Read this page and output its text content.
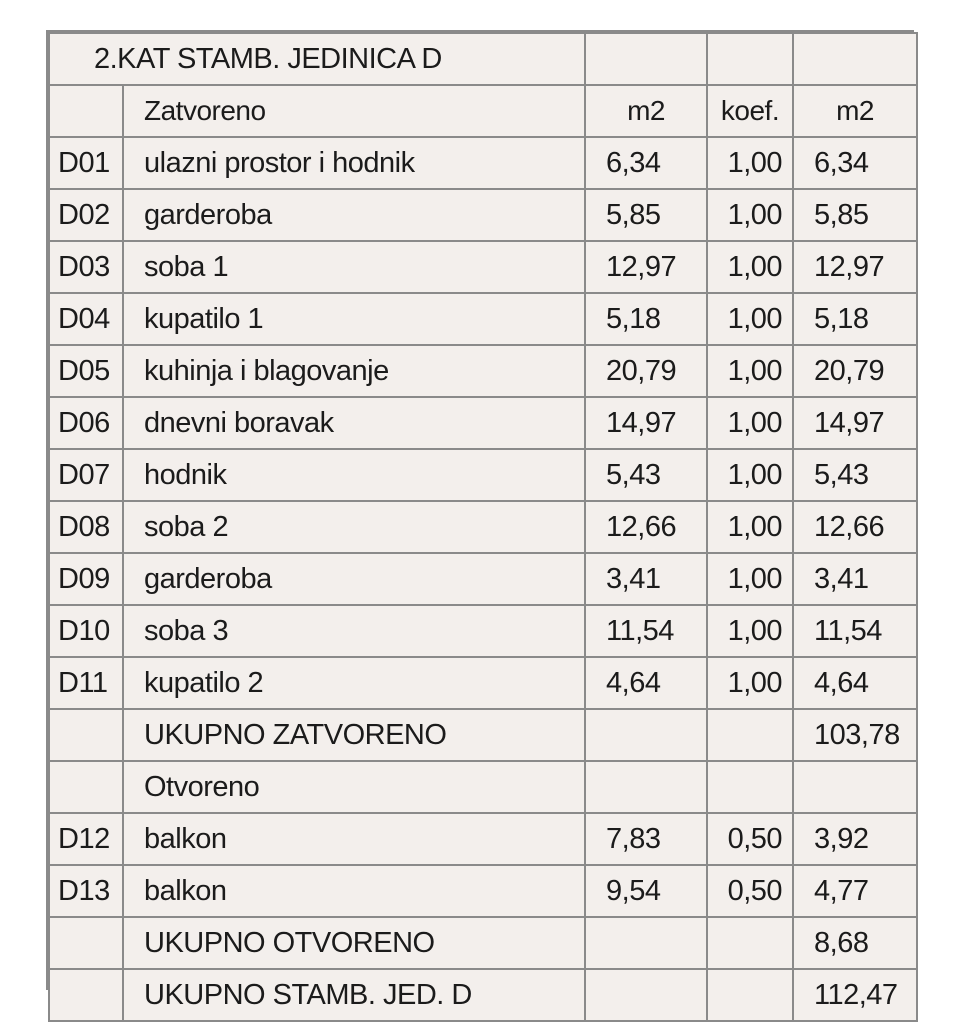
2.KAT STAMB. JEDINICA D				
	Zatvoreno	m2	koef.	m2
D01	ulazni prostor i hodnik	6,34	1,00	6,34
D02	garderoba	5,85	1,00	5,85
D03	soba 1	12,97	1,00	12,97
D04	kupatilo 1	5,18	1,00	5,18
D05	kuhinja i blagovanje	20,79	1,00	20,79
D06	dnevni boravak	14,97	1,00	14,97
D07	hodnik	5,43	1,00	5,43
D08	soba 2	12,66	1,00	12,66
D09	garderoba	3,41	1,00	3,41
D10	soba 3	11,54	1,00	11,54
D11	kupatilo 2	4,64	1,00	4,64
	UKUPNO ZATVORENO			103,78
	Otvoreno			
D12	balkon	7,83	0,50	3,92
D13	balkon	9,54	0,50	4,77
	UKUPNO OTVORENO			8,68
	UKUPNO STAMB. JED. D			112,47
